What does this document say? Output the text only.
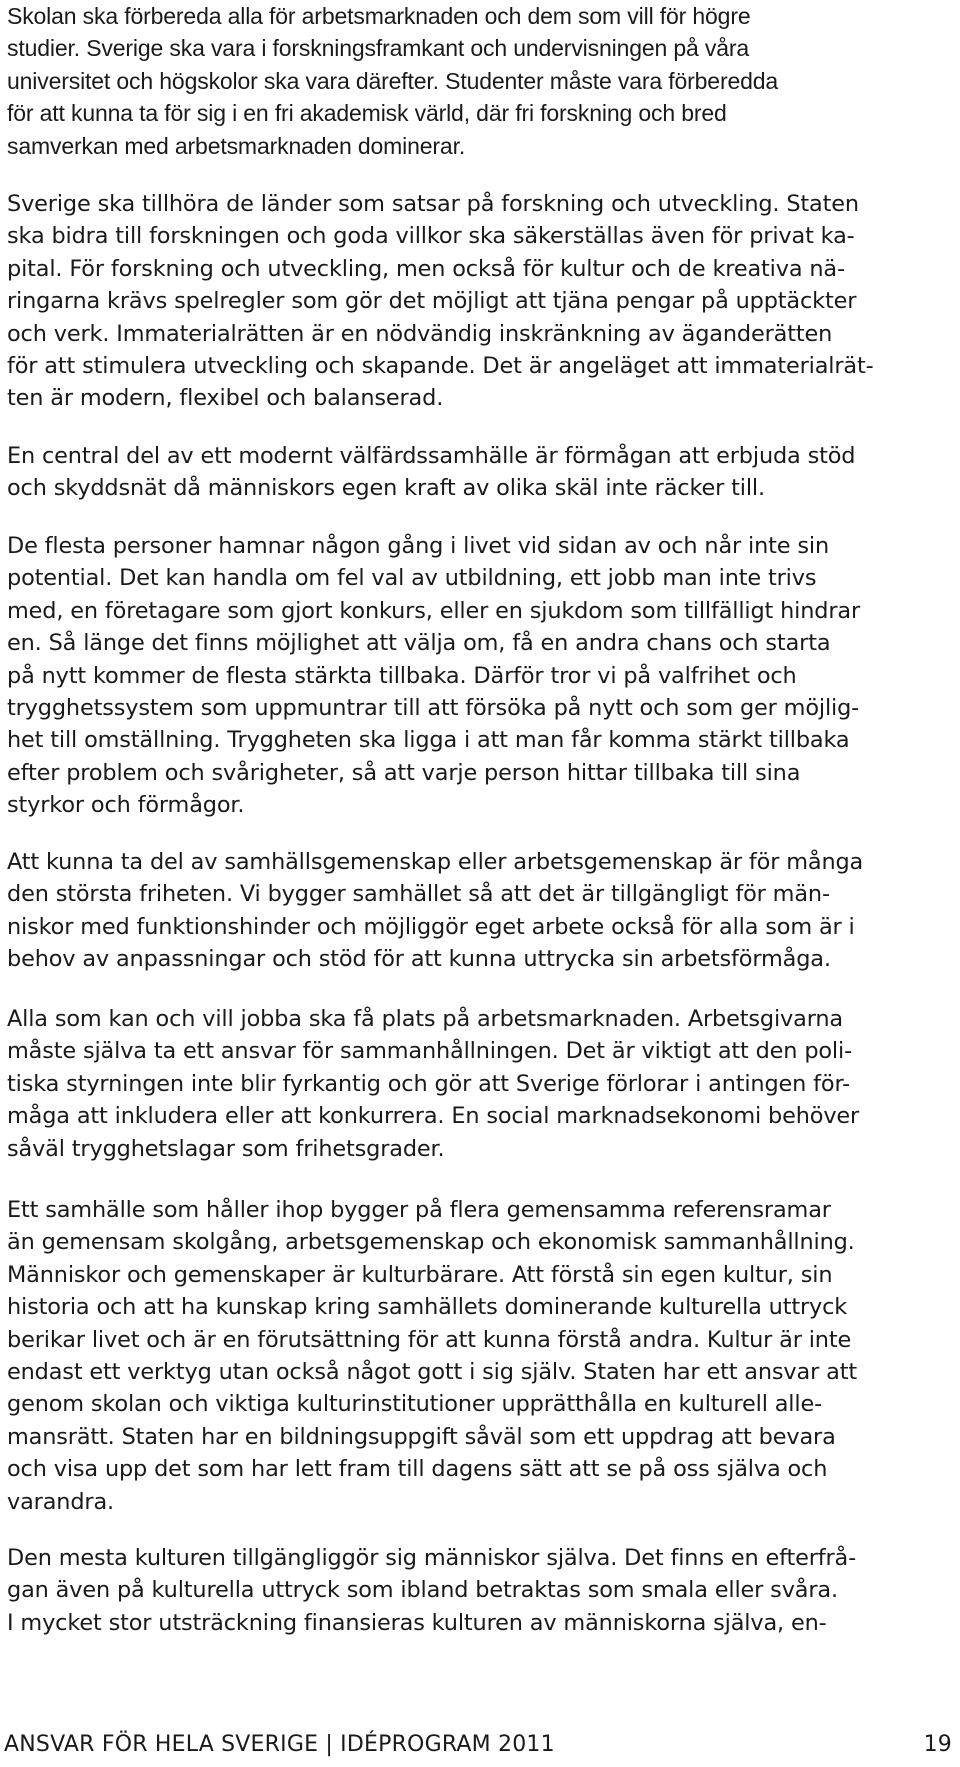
Skolan ska förbereda alla för arbetsmarknaden och dem som vill för högre
studier. Sverige ska vara i forskningsframkant och undervisningen på våra
universitet och högskolor ska vara därefter. Studenter måste vara förberedda
för att kunna ta för sig i en fri akademisk värld, där fri forskning och bred
samverkan med arbetsmarknaden dominerar.
Sverige ska tillhöra de länder som satsar på forskning och utveckling. Staten
ska bidra till forskningen och goda villkor ska säkerställas även för privat ka-
pital. För forskning och utveckling, men också för kultur och de kreativa nä-
ringarna krävs spelregler som gör det möjligt att tjäna pengar på upptäckter
och verk. Immaterialrätten är en nödvändig inskränkning av äganderätten
för att stimulera utveckling och skapande. Det är angeläget att immaterialrät-
ten är modern, flexibel och balanserad.
En central del av ett modernt välfärdssamhälle är förmågan att erbjuda stöd
och skyddsnät då människors egen kraft av olika skäl inte räcker till.
De flesta personer hamnar någon gång i livet vid sidan av och når inte sin
potential. Det kan handla om fel val av utbildning, ett jobb man inte trivs
med, en företagare som gjort konkurs, eller en sjukdom som tillfälligt hindrar
en. Så länge det finns möjlighet att välja om, få en andra chans och starta
på nytt kommer de flesta stärkta tillbaka. Därför tror vi på valfrihet och
trygghetssystem som uppmuntrar till att försöka på nytt och som ger möjlig-
het till omställning. Tryggheten ska ligga i att man får komma stärkt tillbaka
efter problem och svårigheter, så att varje person hittar tillbaka till sina
styrkor och förmågor.
Att kunna ta del av samhällsgemenskap eller arbetsgemenskap är för många
den största friheten. Vi bygger samhället så att det är tillgängligt för män-
niskor med funktionshinder och möjliggör eget arbete också för alla som är i
behov av anpassningar och stöd för att kunna uttrycka sin arbetsförmåga.
Alla som kan och vill jobba ska få plats på arbetsmarknaden. Arbetsgivarna
måste själva ta ett ansvar för sammanhållningen. Det är viktigt att den poli-
tiska styrningen inte blir fyrkantig och gör att Sverige förlorar i antingen för-
måga att inkludera eller att konkurrera. En social marknadsekonomi behöver
såväl trygghetslagar som frihetsgrader.
Ett samhälle som håller ihop bygger på flera gemensamma referensramar
än gemensam skolgång, arbetsgemenskap och ekonomisk sammanhållning.
Människor och gemenskaper är kulturbärare. Att förstå sin egen kultur, sin
historia och att ha kunskap kring samhällets dominerande kulturella uttryck
berikar livet och är en förutsättning för att kunna förstå andra. Kultur är inte
endast ett verktyg utan också något gott i sig själv. Staten har ett ansvar att
genom skolan och viktiga kulturinstitutioner upprätthålla en kulturell alle-
mansrätt. Staten har en bildningsuppgift såväl som ett uppdrag att bevara
och visa upp det som har lett fram till dagens sätt att se på oss själva och
varandra.
Den mesta kulturen tillgängliggör sig människor själva. Det finns en efterfrå-
gan även på kulturella uttryck som ibland betraktas som smala eller svåra.
I mycket stor utsträckning finansieras kulturen av människorna själva, en-
ANSVAR FÖR HELA SVERIGE | IDÉPROGRAM 2011	19
